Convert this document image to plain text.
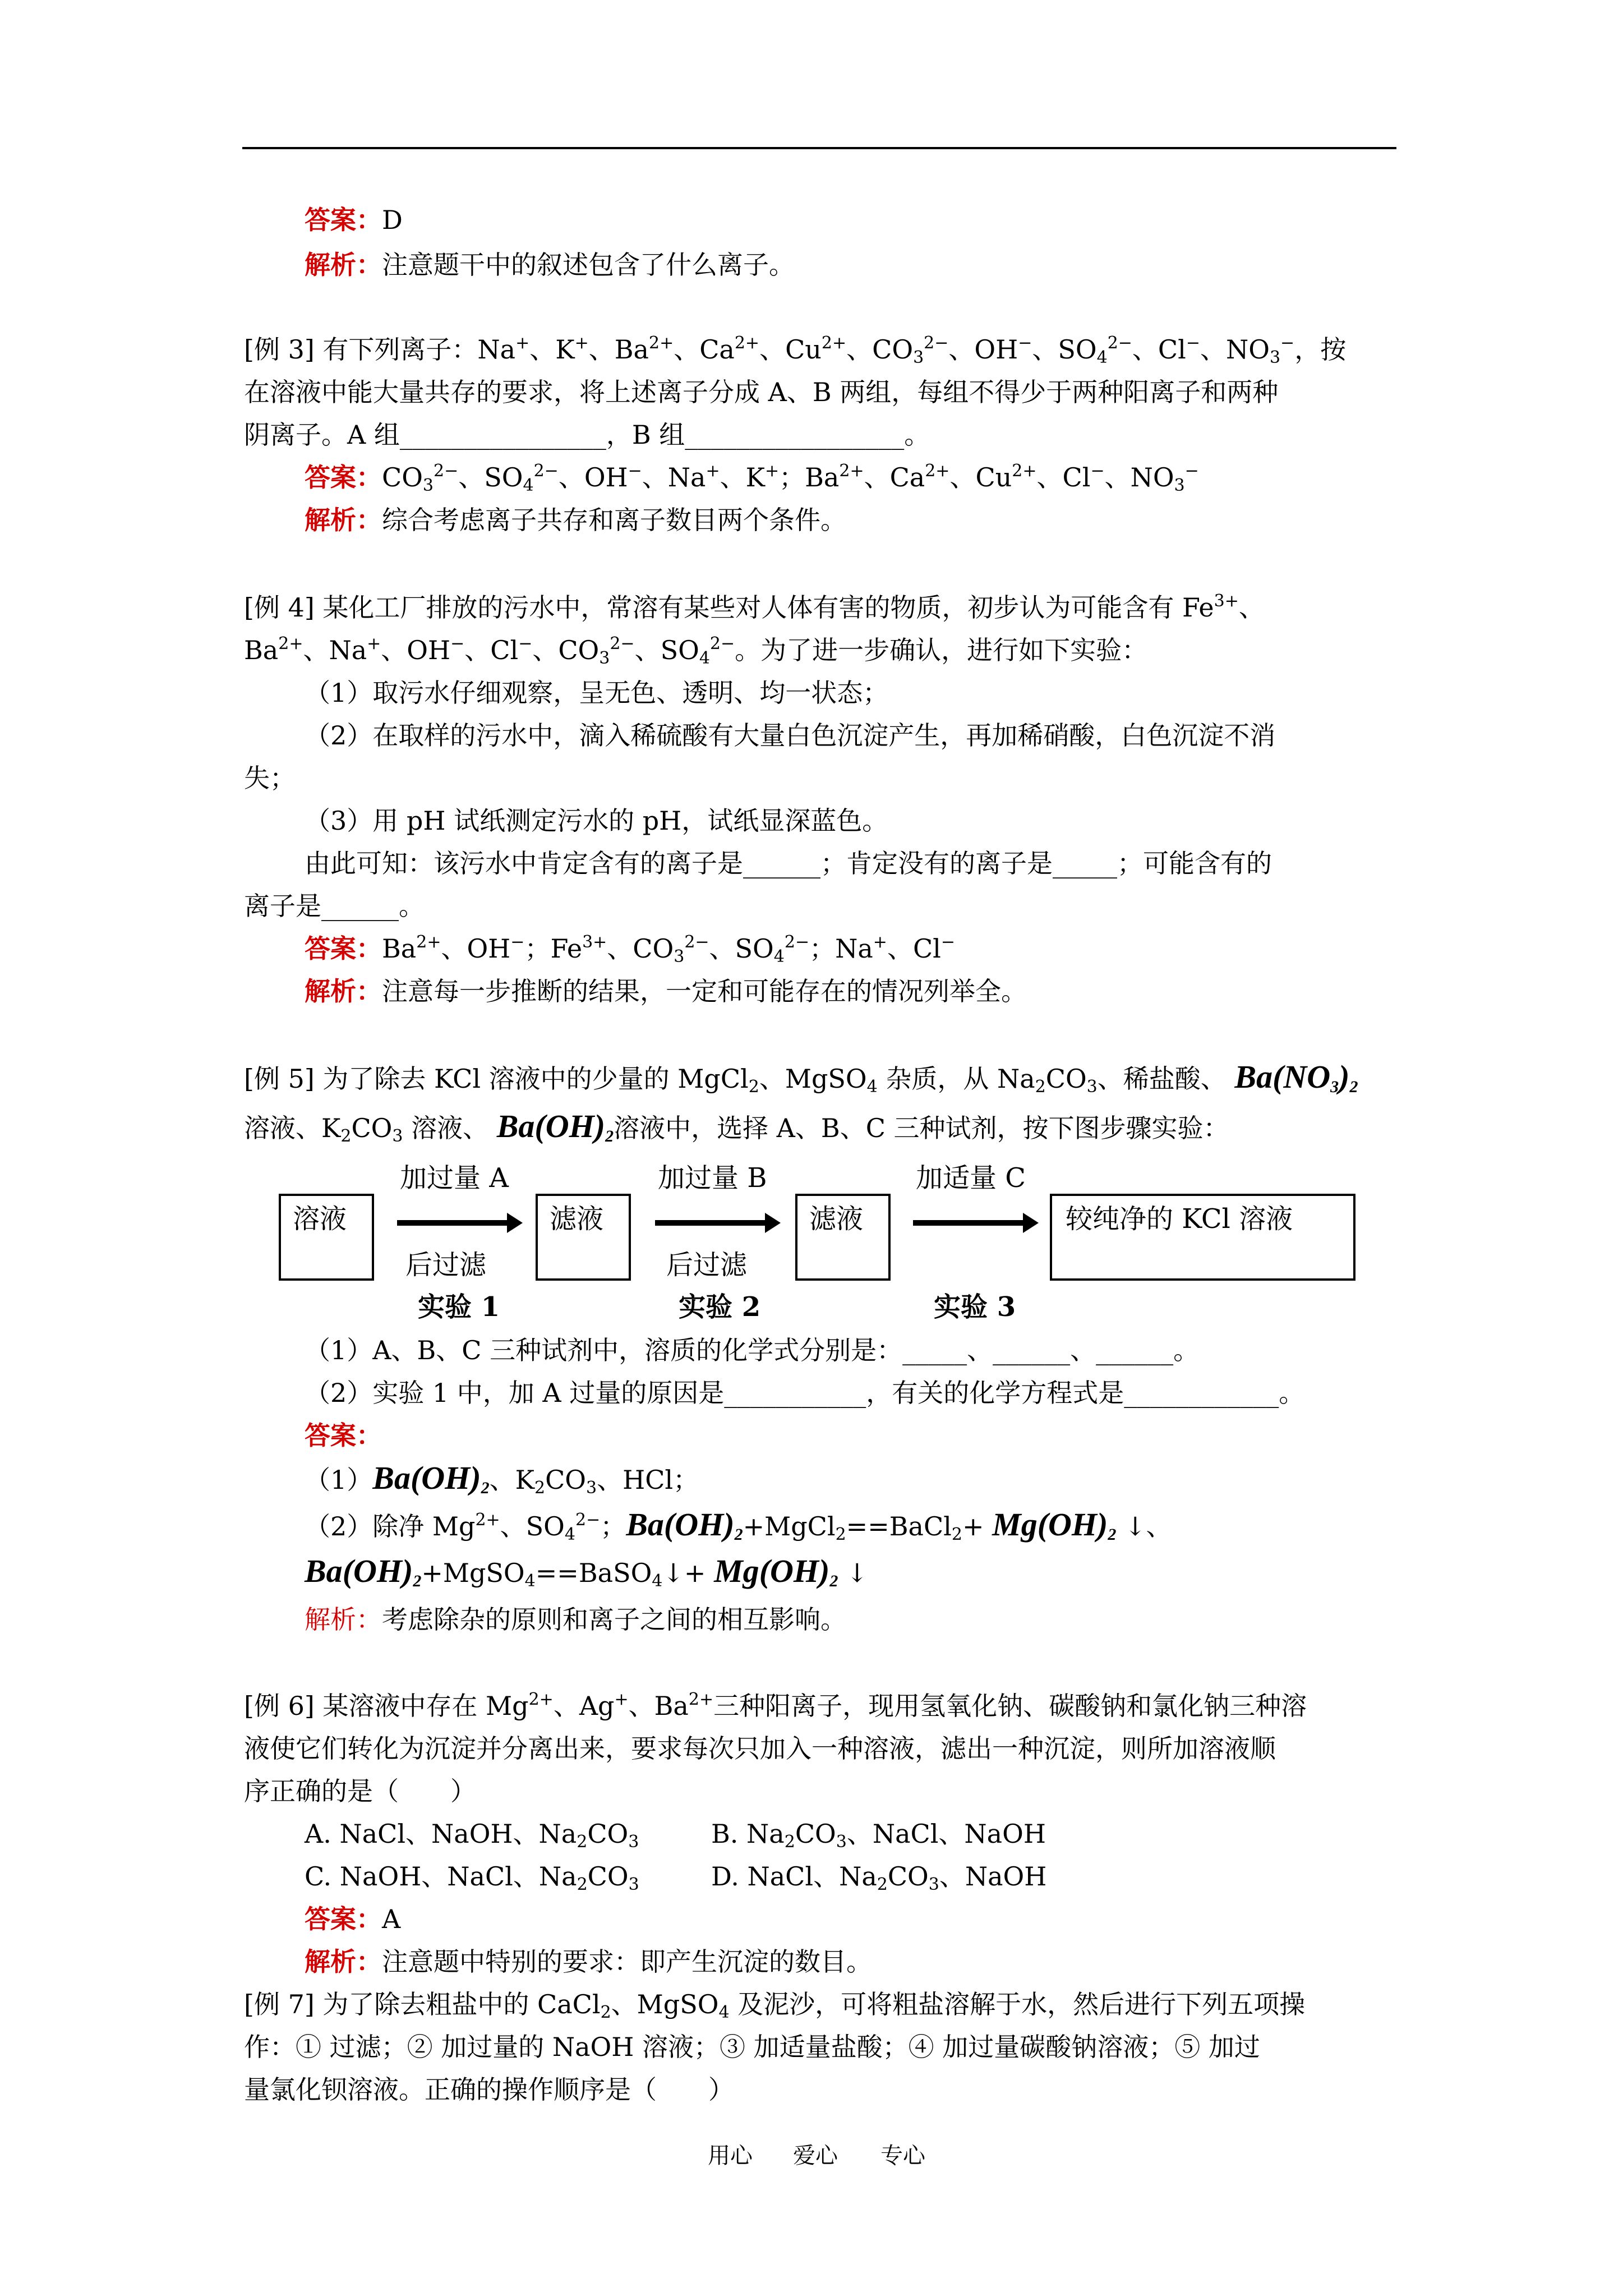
答案：D
解析：注意题干中的叙述包含了什么离子。
[例 3] 有下列离子：Na+、K+、$Ba^{2+}$、$Ca^{2+}$、$Cu^{2+}$、$CO_3^{2-}$、OH−、$SO_4^{2-}$、Cl−、$NO_3^-$，按
在溶液中能大量共存的要求，将上述离子分成 A、B 两组，每组不得少于两种阳离子和两种
阴离子。A 组________________，B 组_________________。
答案：$CO_3^{2-}$、$SO_4^{2-}$、OH−、Na+、K+；$Ba^{2+}$、$Ca^{2+}$、$Cu^{2+}$、Cl−、$NO_3^-$
解析：综合考虑离子共存和离子数目两个条件。
[例 4] 某化工厂排放的污水中，常溶有某些对人体有害的物质，初步认为可能含有 $Fe^{3+}$、
$Ba^{2+}$、Na+、OH−、Cl−、$CO_3^{2-}$、$SO_4^{2-}$。为了进一步确认，进行如下实验：
（1）取污水仔细观察，呈无色、透明、均一状态；
（2）在取样的污水中，滴入稀硫酸有大量白色沉淀产生，再加稀硝酸，白色沉淀不消
失；
（3）用 pH 试纸测定污水的 pH，试纸显深蓝色。
由此可知：该污水中肯定含有的离子是______；肯定没有的离子是_____；可能含有的
离子是______。
答案：$Ba^{2+}$、OH−；$Fe^{3+}$、$CO_3^{2-}$、$SO_4^{2-}$；Na+、Cl−
解析：注意每一步推断的结果，一定和可能存在的情况列举全。
[例 5] 为了除去 KCl 溶液中的少量的 MgCl$_2$、MgSO$_4$ 杂质，从 $Na_2CO_3$、稀盐酸、 $Ba(NO_3)_2$
溶液、$K_2CO_3$ 溶液、 $Ba(OH)_2$溶液中，选择 A、B、C 三种试剂，按下图步骤实验：
溶液
加过量 A
后过滤
滤液
加过量 B
后过滤
滤液
加适量 C
较纯净的 KCl 溶液
实验 1	实验 2	实验 3
（1）A、B、C 三种试剂中，溶质的化学式分别是：_____、______、______。
（2）实验 1 中，加 A 过量的原因是___________，有关的化学方程式是____________。
答案：
$(1)Ba(OH)_2$、$K_2CO_3$、HCl；
（2）除净 $Mg^{2+}$、$SO_4^{2-}$；$Ba(OH)_2+MgCl_2==BaCl_2+ Mg(OH)_2$ ↓、
$Ba(OH)_2+MgSO_4==BaSO_4↓+ Mg(OH)_2$ ↓
解析：考虑除杂的原则和离子之间的相互影响。
[例 6] 某溶液中存在 $Mg^{2+}$、Ag+、$Ba^{2+}$三种阳离子，现用氢氧化钠、碳酸钠和氯化钠三种溶
液使它们转化为沉淀并分离出来，要求每次只加入一种溶液，滤出一种沉淀，则所加溶液顺
序正确的是（　　）
A. NaCl、NaOH、$Na_2CO_3$	B. $Na_2CO_3$、NaCl、NaOH
C. NaOH、NaCl、$Na_2CO_3$	D. NaCl、$Na_2CO_3$、NaOH
答案：A
解析：注意题中特别的要求：即产生沉淀的数目。
[例 7] 为了除去粗盐中的 CaCl$_2$、MgSO$_4$ 及泥沙，可将粗盐溶解于水，然后进行下列五项操
作：① 过滤；② 加过量的 NaOH 溶液；③ 加适量盐酸；④ 加过量碳酸钠溶液；⑤ 加过
量氯化钡溶液。正确的操作顺序是（　　）
用心 爱心 专心
